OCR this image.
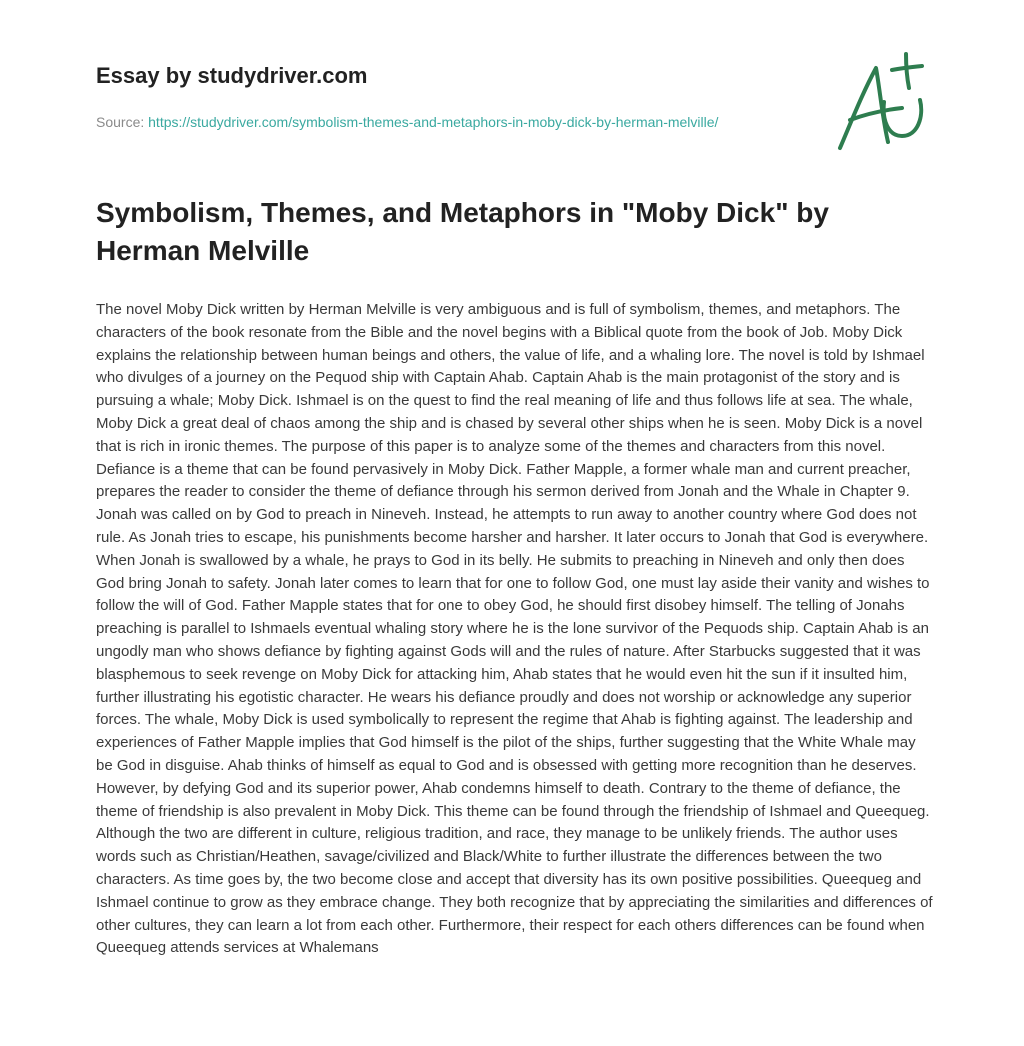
Essay by studydriver.com
Source: https://studydriver.com/symbolism-themes-and-metaphors-in-moby-dick-by-herman-melville/
Symbolism, Themes, and Metaphors in "Moby Dick" by Herman Melville

The novel Moby Dick written by Herman Melville is very ambiguous and is full of symbolism, themes, and metaphors. The characters of the book resonate from the Bible and the novel begins with a Biblical quote from the book of Job. Moby Dick explains the relationship between human beings and others, the value of life, and a whaling lore. The novel is told by Ishmael who divulges of a journey on the Pequod ship with Captain Ahab. Captain Ahab is the main protagonist of the story and is pursuing a whale; Moby Dick. Ishmael is on the quest to find the real meaning of life and thus follows life at sea. The whale, Moby Dick a great deal of chaos among the ship and is chased by several other ships when he is seen. Moby Dick is a novel that is rich in ironic themes. The purpose of this paper is to analyze some of the themes and characters from this novel. Defiance is a theme that can be found pervasively in Moby Dick. Father Mapple, a former whale man and current preacher, prepares the reader to consider the theme of defiance through his sermon derived from Jonah and the Whale in Chapter 9. Jonah was called on by God to preach in Nineveh. Instead, he attempts to run away to another country where God does not rule. As Jonah tries to escape, his punishments become harsher and harsher. It later occurs to Jonah that God is everywhere. When Jonah is swallowed by a whale, he prays to God in its belly. He submits to preaching in Nineveh and only then does God bring Jonah to safety. Jonah later comes to learn that for one to follow God, one must lay aside their vanity and wishes to follow the will of God. Father Mapple states that for one to obey God, he should first disobey himself. The telling of Jonahs preaching is parallel to Ishmaels eventual whaling story where he is the lone survivor of the Pequods ship. Captain Ahab is an ungodly man who shows defiance by fighting against Gods will and the rules of nature. After Starbucks suggested that it was blasphemous to seek revenge on Moby Dick for attacking him, Ahab states that he would even hit the sun if it insulted him, further illustrating his egotistic character. He wears his defiance proudly and does not worship or acknowledge any superior forces. The whale, Moby Dick is used symbolically to represent the regime that Ahab is fighting against. The leadership and experiences of Father Mapple implies that God himself is the pilot of the ships, further suggesting that the White Whale may be God in disguise. Ahab thinks of himself as equal to God and is obsessed with getting more recognition than he deserves. However, by defying God and its superior power, Ahab condemns himself to death. Contrary to the theme of defiance, the theme of friendship is also prevalent in Moby Dick. This theme can be found through the friendship of Ishmael and Queequeg. Although the two are different in culture, religious tradition, and race, they manage to be unlikely friends. The author uses words such as Christian/Heathen, savage/civilized and Black/White to further illustrate the differences between the two characters. As time goes by, the two become close and accept that diversity has its own positive possibilities. Queequeg and Ishmael continue to grow as they embrace change. They both recognize that by appreciating the similarities and differences of other cultures, they can learn a lot from each other. Furthermore, their respect for each others differences can be found when Queequeg attends services at Whalemans
